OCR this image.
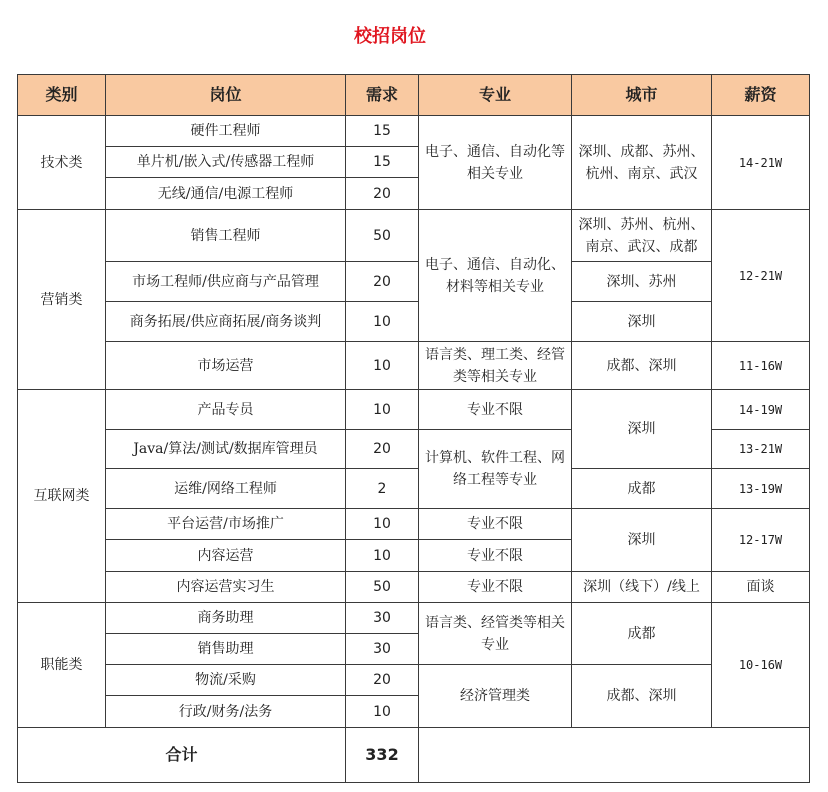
校招岗位
类别	岗位	需求	专业	城市	薪资
技术类	硬件工程师	15	电子、通信、自动化等相关专业	深圳、成都、苏州、杭州、南京、武汉	14-21W
	单片机/嵌入式/传感器工程师	15			
	无线/通信/电源工程师	20			
营销类	销售工程师	50	电子、通信、自动化、材料等相关专业	深圳、苏州、杭州、南京、武汉、成都	12-21W
	市场工程师/供应商与产品管理	20		深圳、苏州	
	商务拓展/供应商拓展/商务谈判	10		深圳	
	市场运营	10	语言类、理工类、经管类等相关专业	成都、深圳	11-16W
互联网类	产品专员	10	专业不限	深圳	14-19W
	Java/算法/测试/数据库管理员	20	计算机、软件工程、网络工程等专业		13-21W
	运维/网络工程师	2		成都	13-19W
	平台运营/市场推广	10	专业不限	深圳	12-17W
	内容运营	10	专业不限		
	内容运营实习生	50	专业不限	深圳（线下）/线上	面谈
职能类	商务助理	30	语言类、经管类等相关专业	成都	10-16W
	销售助理	30			
	物流/采购	20	经济管理类	成都、深圳	
	行政/财务/法务	10			
合计		332			
